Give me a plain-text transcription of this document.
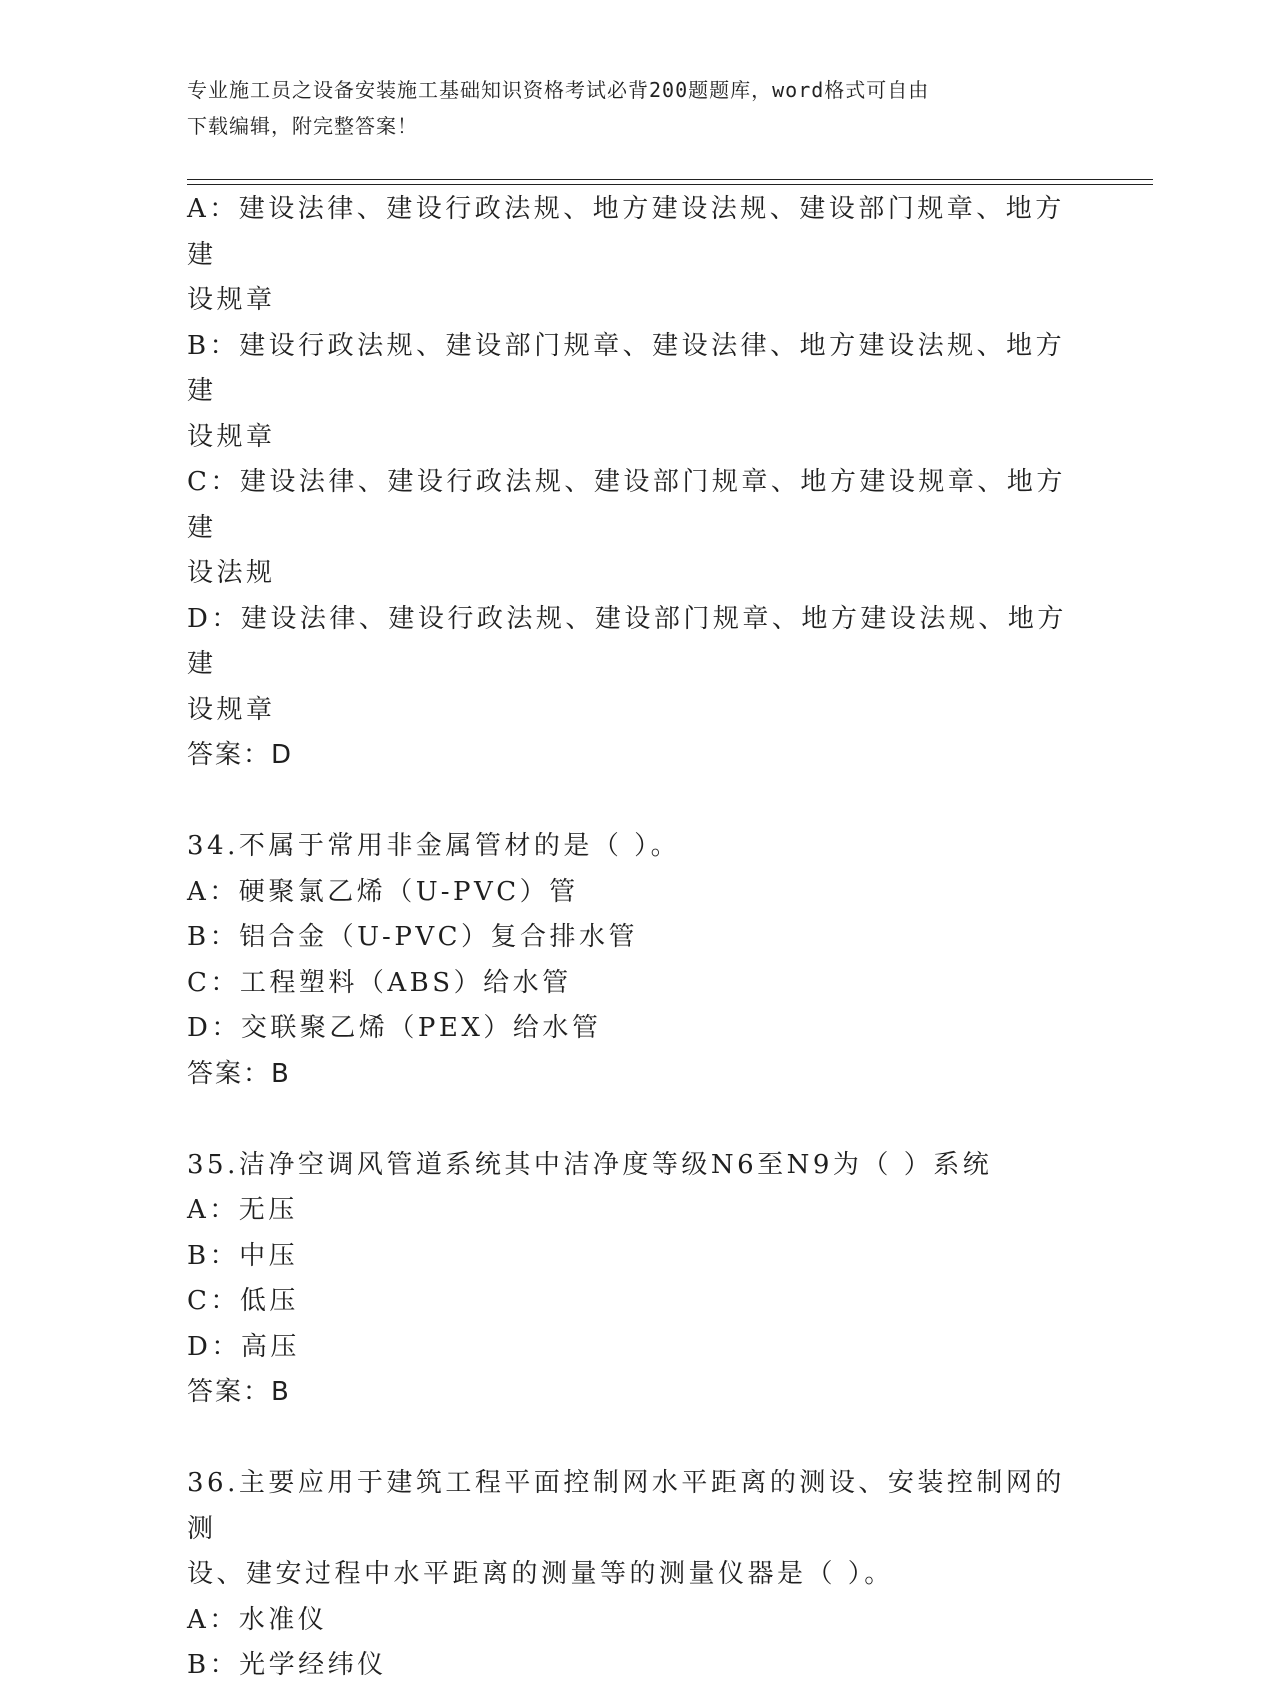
专业施工员之设备安装施工基础知识资格考试必背200题题库，word格式可自由
下载编辑，附完整答案！
A：建设法律、建设行政法规、地方建设法规、建设部门规章、地方建
设规章
B：建设行政法规、建设部门规章、建设法律、地方建设法规、地方建
设规章
C：建设法律、建设行政法规、建设部门规章、地方建设规章、地方建
设法规
D：建设法律、建设行政法规、建设部门规章、地方建设法规、地方建
设规章
答案：D
34.不属于常用非金属管材的是（ ）。
A：硬聚氯乙烯（U-PVC）管
B：铝合金（U-PVC）复合排水管
C：工程塑料（ABS）给水管
D：交联聚乙烯（PEX）给水管
答案：B
35.洁净空调风管道系统其中洁净度等级N6至N9为（ ）系统
A：无压
B：中压
C：低压
D：高压
答案：B
36.主要应用于建筑工程平面控制网水平距离的测设、安装控制网的测
设、建安过程中水平距离的测量等的测量仪器是（ ）。
A：水准仪
B：光学经纬仪
